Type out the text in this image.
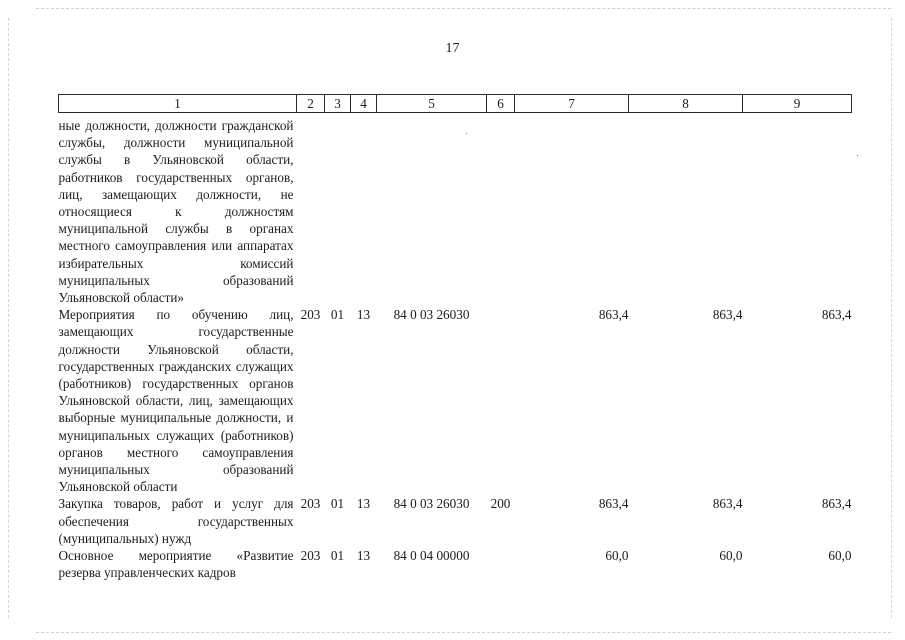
17
1	2	3	4	5	6	7	8	9
ные должности, должности гражданской службы, должности муниципальной службы в Ульяновской области, работников государственных органов, лиц, замещающих должности, не относящиеся к должностям муниципальной службы в органах местного самоуправления или аппаратах избирательных комиссий муниципальных образований Ульяновской области»								
Мероприятия по обучению лиц, замещающих государственные должности Ульяновской области, государственных гражданских служащих (работников) государственных органов Ульяновской области, лиц, замещающих выборные муниципальные должности, и муниципальных служащих (работников) органов местного самоуправления муниципальных образований Ульяновской области	203	01	13	84 0 03 26030		863,4	863,4	863,4
Закупка товаров, работ и услуг для обеспечения государственных (муниципальных) нужд	203	01	13	84 0 03 26030	200	863,4	863,4	863,4
Основное мероприятие «Развитие резерва управленческих кадров	203	01	13	84 0 04 00000		60,0	60,0	60,0
